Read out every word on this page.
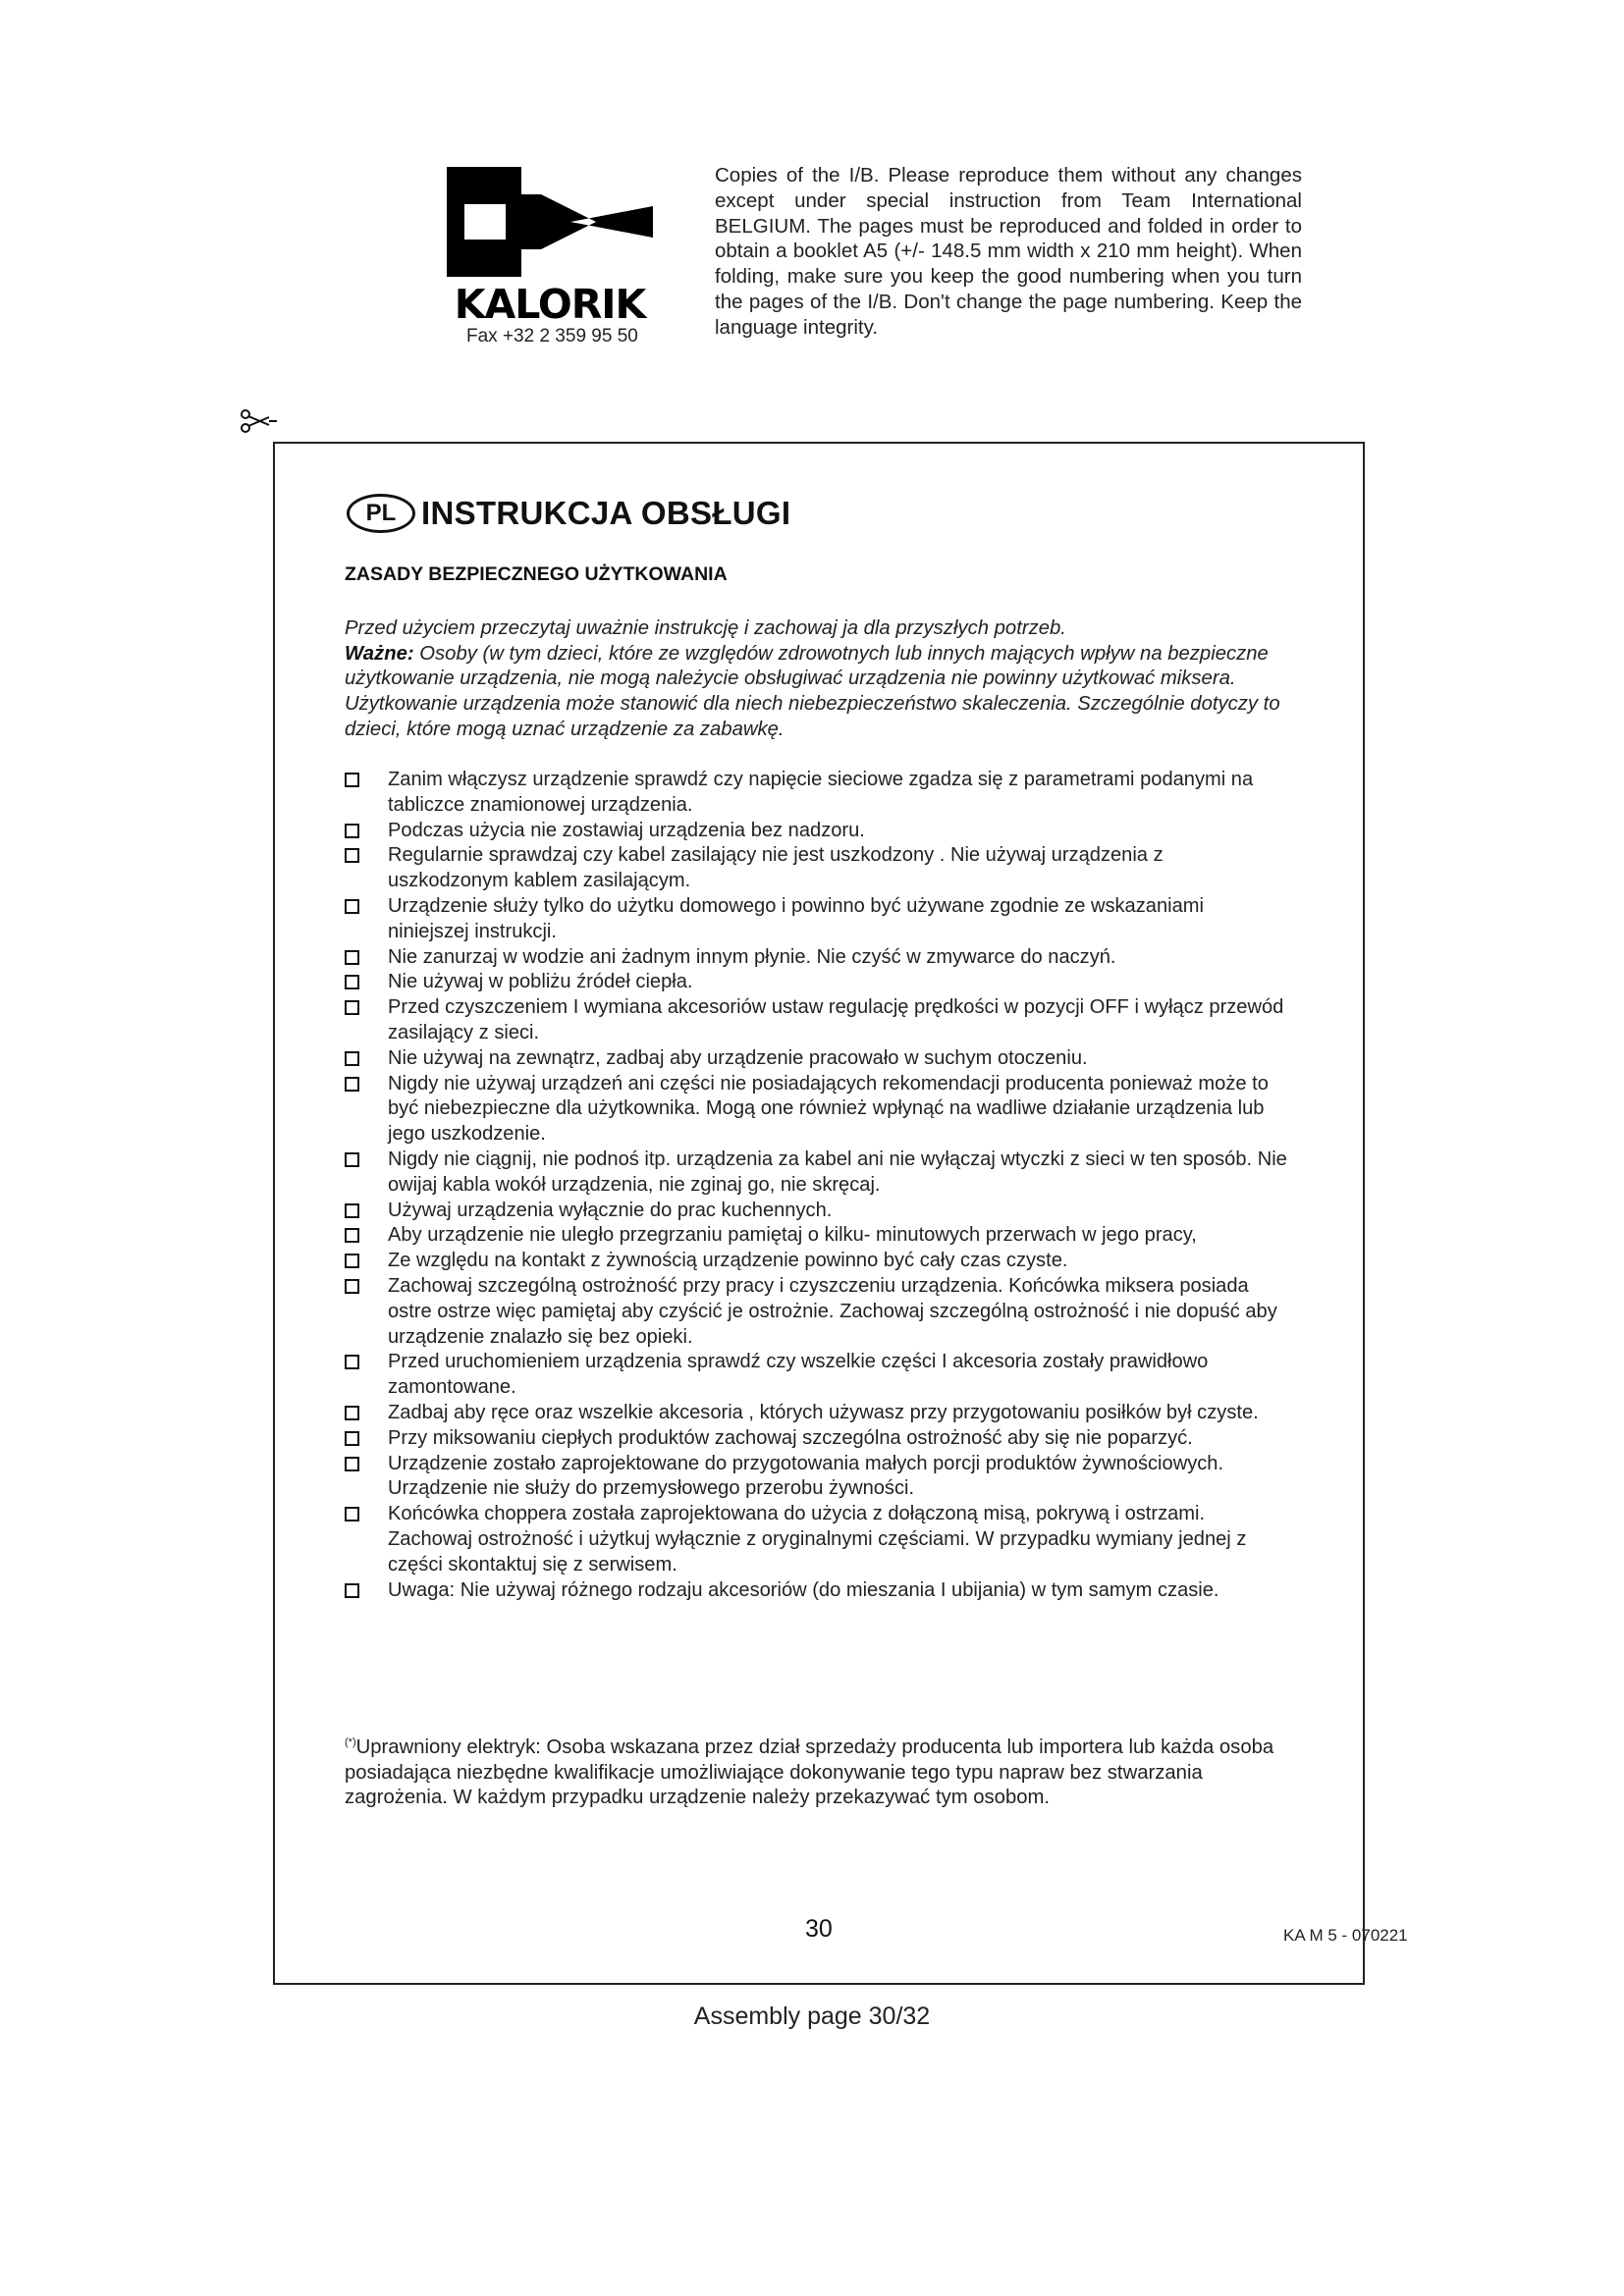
KALORIK
Fax +32 2 359 95 50

Copies of the I/B. Please reproduce them without any changes except under special instruction from Team International BELGIUM. The pages must be reproduced and folded in order to obtain a booklet A5 (+/- 148.5 mm width x 210 mm height). When folding, make sure you keep the good numbering when you turn the pages of the I/B. Don't change the page numbering. Keep the language integrity.

PL INSTRUKCJA OBSŁUGI
ZASADY BEZPIECZNEGO UŻYTKOWANIA

Przed użyciem przeczytaj uważnie instrukcję i zachowaj ja dla przyszłych potrzeb.
Ważne: Osoby (w tym dzieci, które ze względów zdrowotnych lub innych mających wpływ na bezpieczne użytkowanie urządzenia, nie mogą należycie obsługiwać urządzenia nie powinny użytkować miksera. Użytkowanie urządzenia może stanowić dla niech niebezpieczeństwo skaleczenia. Szczególnie dotyczy to dzieci, które mogą uznać urządzenie za zabawkę.

Zanim włączysz urządzenie sprawdź czy napięcie sieciowe zgadza się z parametrami podanymi na tabliczce znamionowej urządzenia.
Podczas użycia nie zostawiaj urządzenia bez nadzoru.
Regularnie sprawdzaj czy kabel zasilający nie jest uszkodzony . Nie używaj urządzenia z uszkodzonym kablem zasilającym.
Urządzenie służy tylko do użytku domowego i powinno być używane zgodnie ze wskazaniami niniejszej instrukcji.
Nie zanurzaj w wodzie ani żadnym innym płynie. Nie czyść w zmywarce do naczyń.
Nie używaj w pobliżu źródeł ciepła.
Przed czyszczeniem I wymiana akcesoriów ustaw regulację prędkości w pozycji OFF i wyłącz przewód zasilający z sieci.
Nie używaj na zewnątrz, zadbaj aby urządzenie pracowało w suchym otoczeniu.
Nigdy nie używaj urządzeń ani części nie posiadających rekomendacji producenta ponieważ może to być niebezpieczne dla użytkownika. Mogą one również wpłynąć na wadliwe działanie urządzenia lub jego uszkodzenie.
Nigdy nie ciągnij, nie podnoś itp. urządzenia za kabel ani nie wyłączaj wtyczki z sieci w ten sposób. Nie owijaj kabla wokół urządzenia, nie zginaj go, nie skręcaj.
Używaj urządzenia wyłącznie do prac kuchennych.
Aby urządzenie nie uległo przegrzaniu pamiętaj o kilku- minutowych przerwach w jego pracy,
Ze względu na kontakt z żywnością urządzenie powinno być cały czas czyste.
Zachowaj szczególną ostrożność przy pracy i czyszczeniu urządzenia. Końcówka miksera posiada ostre ostrze więc pamiętaj aby czyścić je ostrożnie. Zachowaj szczególną ostrożność i nie dopuść aby urządzenie znalazło się bez opieki.
Przed uruchomieniem urządzenia sprawdź czy wszelkie części I akcesoria zostały prawidłowo zamontowane.
Zadbaj aby ręce oraz wszelkie akcesoria , których używasz przy przygotowaniu posiłków był czyste.
Przy miksowaniu ciepłych produktów zachowaj szczególna ostrożność aby się nie poparzyć.
Urządzenie zostało zaprojektowane do przygotowania małych porcji produktów żywnościowych. Urządzenie nie służy do przemysłowego przerobu żywności.
Końcówka choppera została zaprojektowana do użycia z dołączoną misą, pokrywą i ostrzami. Zachowaj ostrożność i użytkuj wyłącznie z oryginalnymi częściami. W przypadku wymiany jednej z części skontaktuj się z serwisem.
Uwaga: Nie używaj różnego rodzaju akcesoriów (do mieszania I ubijania) w tym samym czasie.

(*)Uprawniony elektryk: Osoba wskazana przez dział sprzedaży producenta lub importera lub każda osoba posiadająca niezbędne kwalifikacje umożliwiające dokonywanie tego typu napraw bez stwarzania zagrożenia. W każdym przypadku urządzenie należy przekazywać tym osobom.

30	KA M 5 - 070221
Assembly page 30/32
